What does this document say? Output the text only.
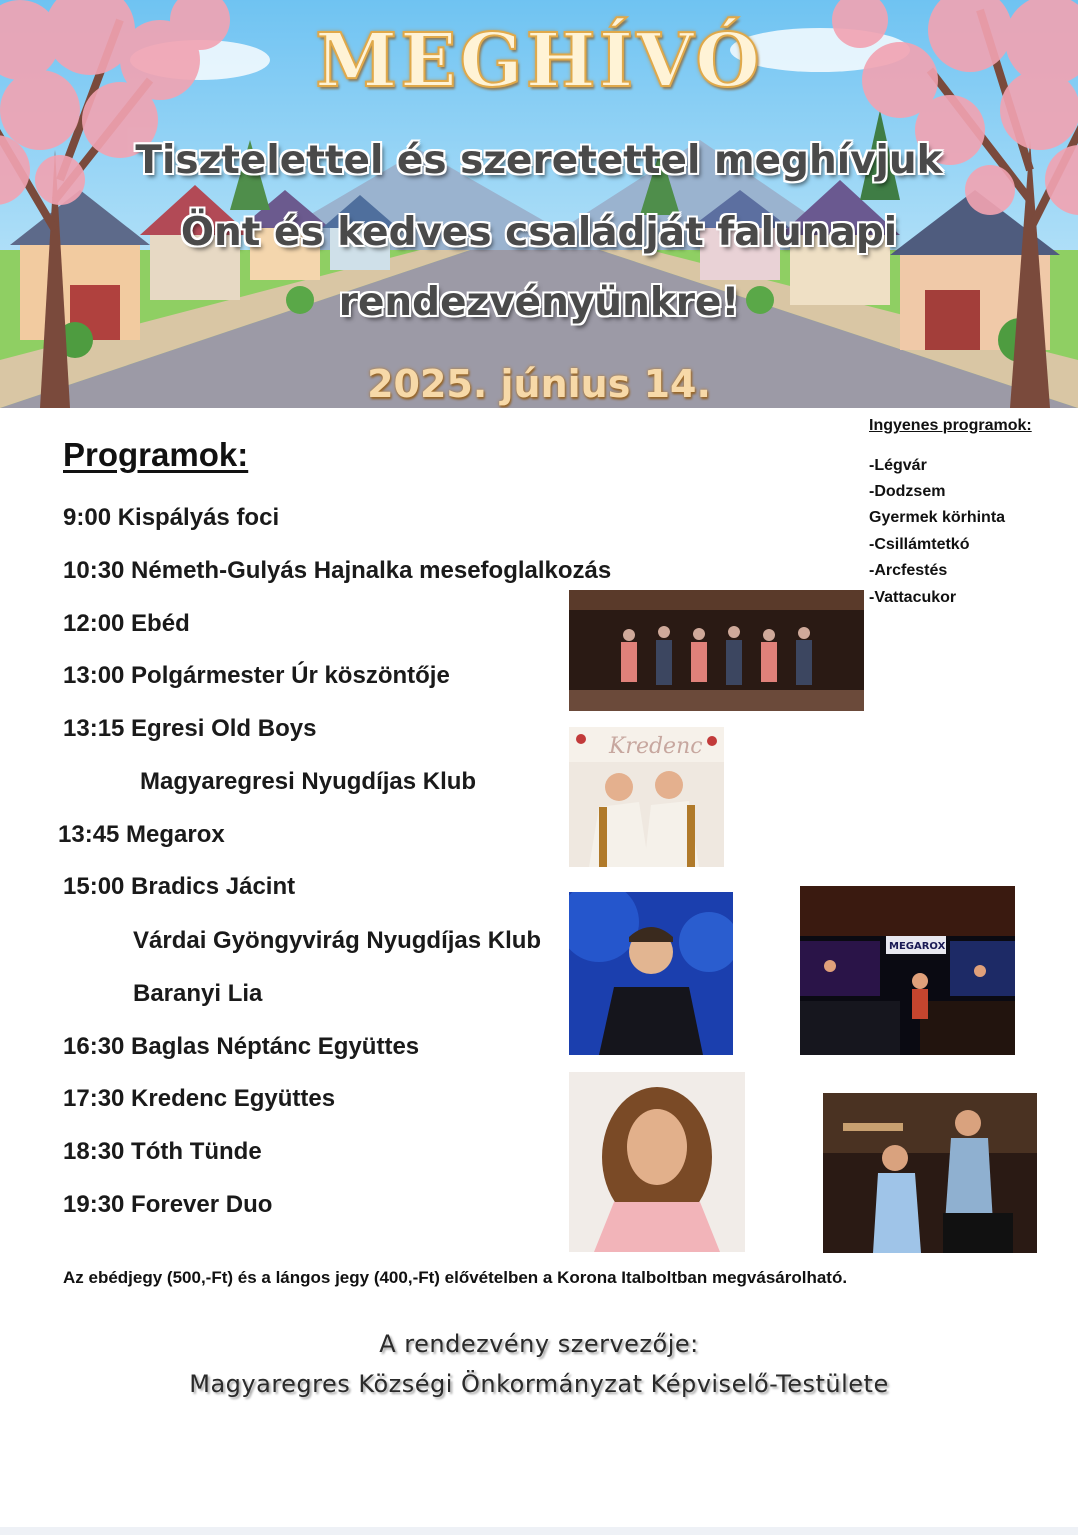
MEGHÍVÓ
Tisztelettel és szeretettel meghívjuk
Önt és kedves családját falunapi
rendezvényünkre!
2025. június 14.
Ingyenes programok:
-Légvár
-Dodzsem
Gyermek körhinta
-Csillámtetkó
-Arcfestés
-Vattacukor
Programok:
9:00 Kispályás foci
10:30 Németh-Gulyás Hajnalka mesefoglalkozás
12:00 Ebéd
13:00 Polgármester Úr köszöntője
13:15 Egresi Old Boys
Magyaregresi Nyugdíjas Klub
13:45 Megarox
15:00 Bradics Jácint
Várdai Gyöngyvirág Nyugdíjas Klub
Baranyi Lia
16:30 Baglas Néptánc Együttes
17:30 Kredenc Együttes
18:30 Tóth Tünde
19:30 Forever Duo
Kredenc
MEGAROX
Az ebédjegy (500,-Ft) és a lángos jegy (400,-Ft) elővételben a Korona Italboltban megvásárolható.
A rendezvény szervezője:
Magyaregres Községi Önkormányzat Képviselő-Testülete
